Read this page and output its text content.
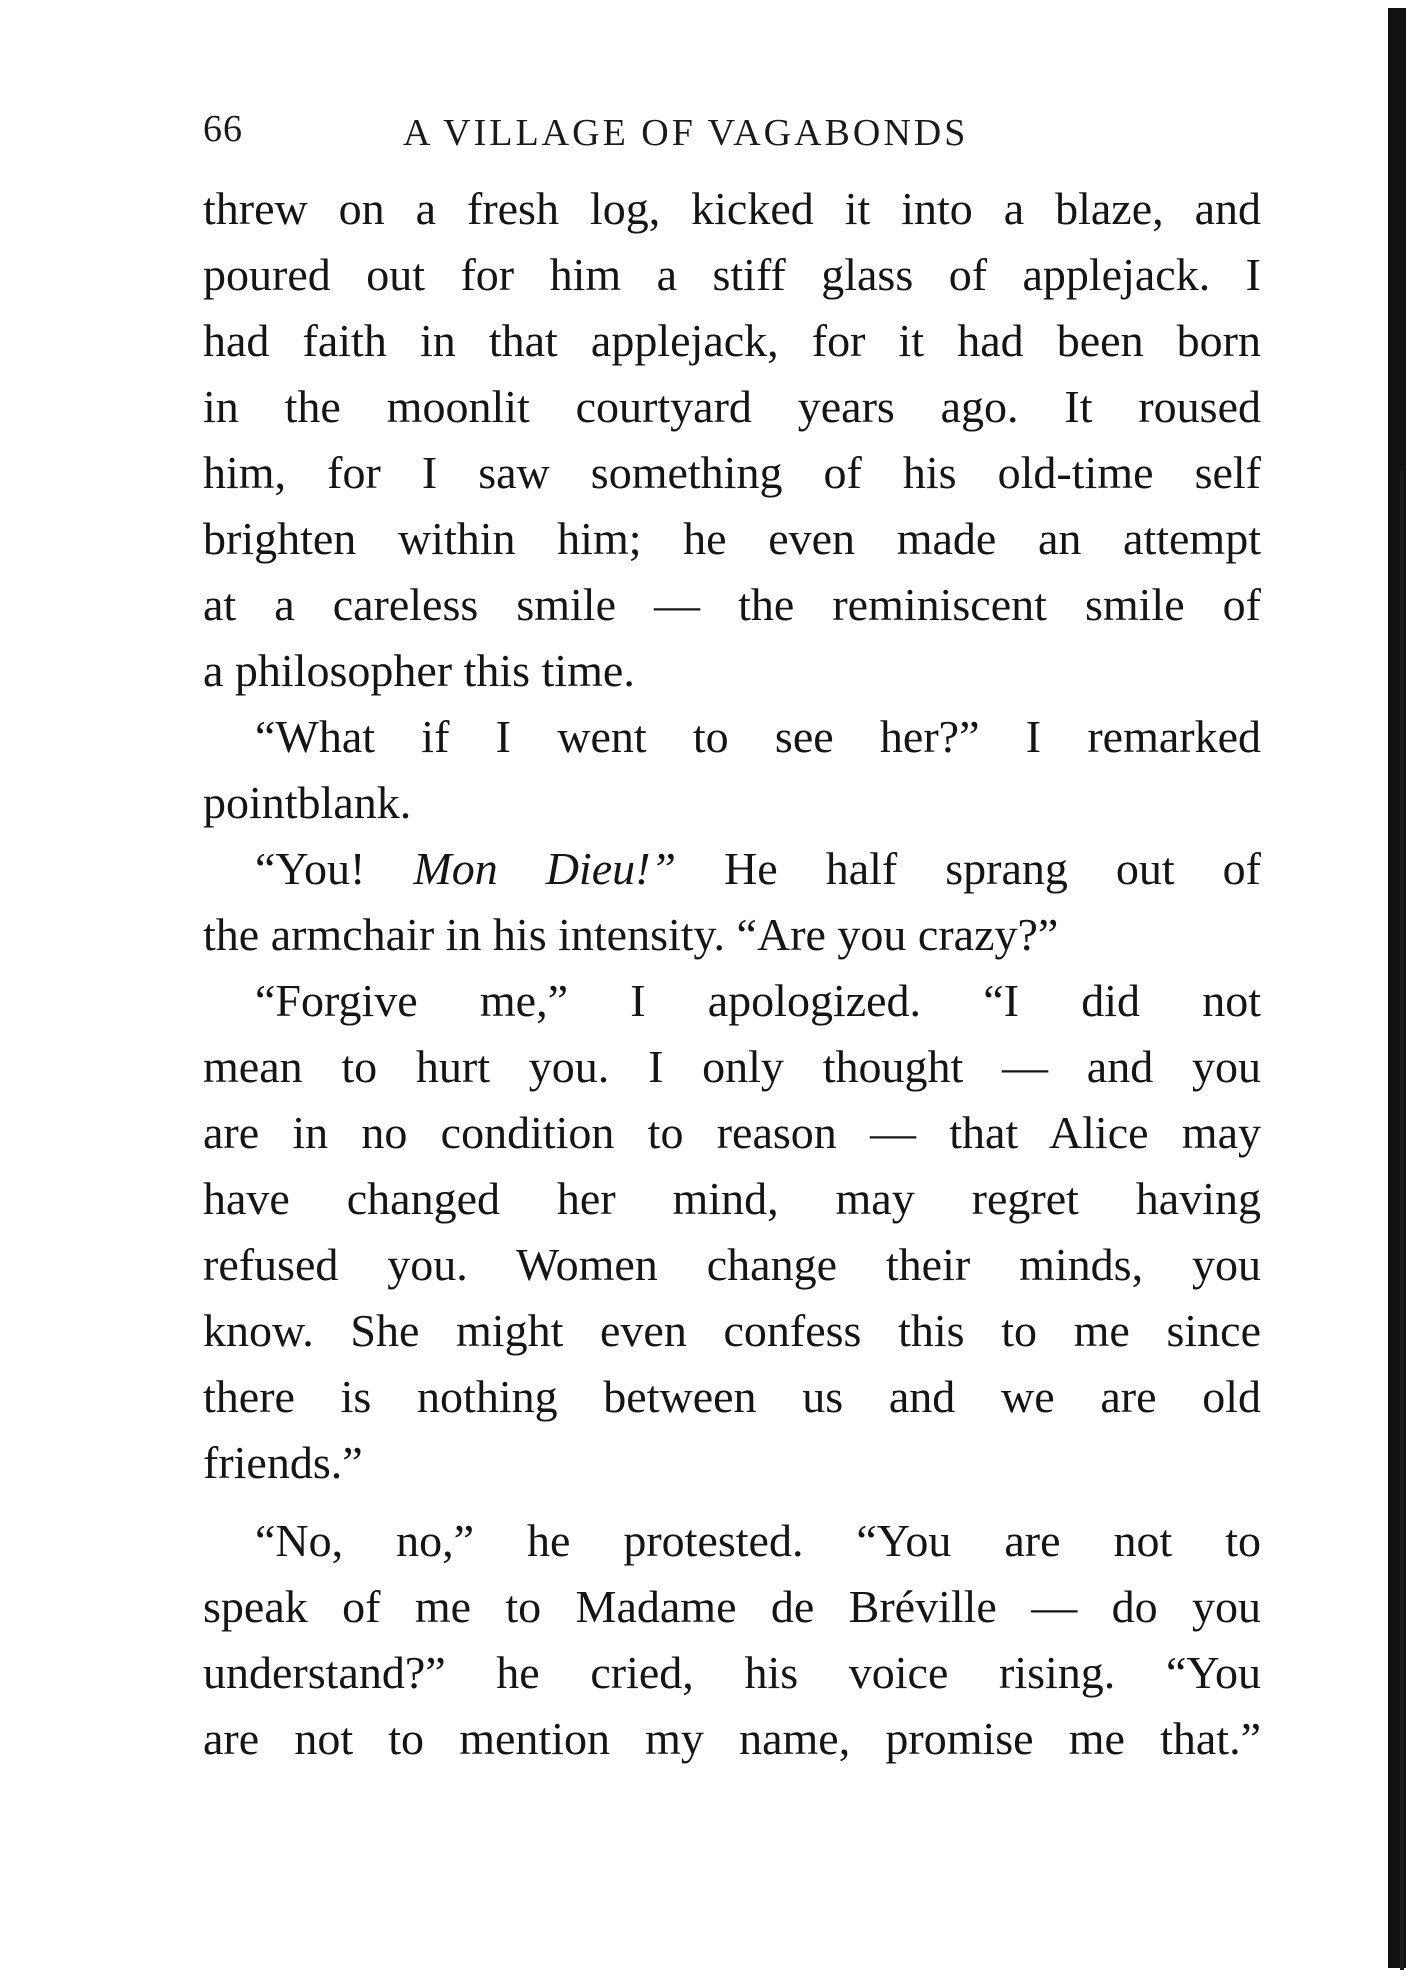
66	A VILLAGE OF VAGABONDS
threw on a fresh log, kicked it into a blaze, and
poured out for him a stiff glass of applejack. I
had faith in that applejack, for it had been born
in the moonlit courtyard years ago. It roused
him, for I saw something of his old-time self
brighten within him; he even made an attempt
at a careless smile — the reminiscent smile of
a philosopher this time.
“What if I went to see her?” I remarked
pointblank.
“You! Mon Dieu!” He half sprang out of
the armchair in his intensity. “Are you crazy?”
“Forgive me,” I apologized. “I did not
mean to hurt you. I only thought — and you
are in no condition to reason — that Alice may
have changed her mind, may regret having
refused you. Women change their minds, you
know. She might even confess this to me since
there is nothing between us and we are old
friends.”
“No, no,” he protested. “You are not to
speak of me to Madame de Bréville — do you
understand?” he cried, his voice rising. “You
are not to mention my name, promise me that.”
